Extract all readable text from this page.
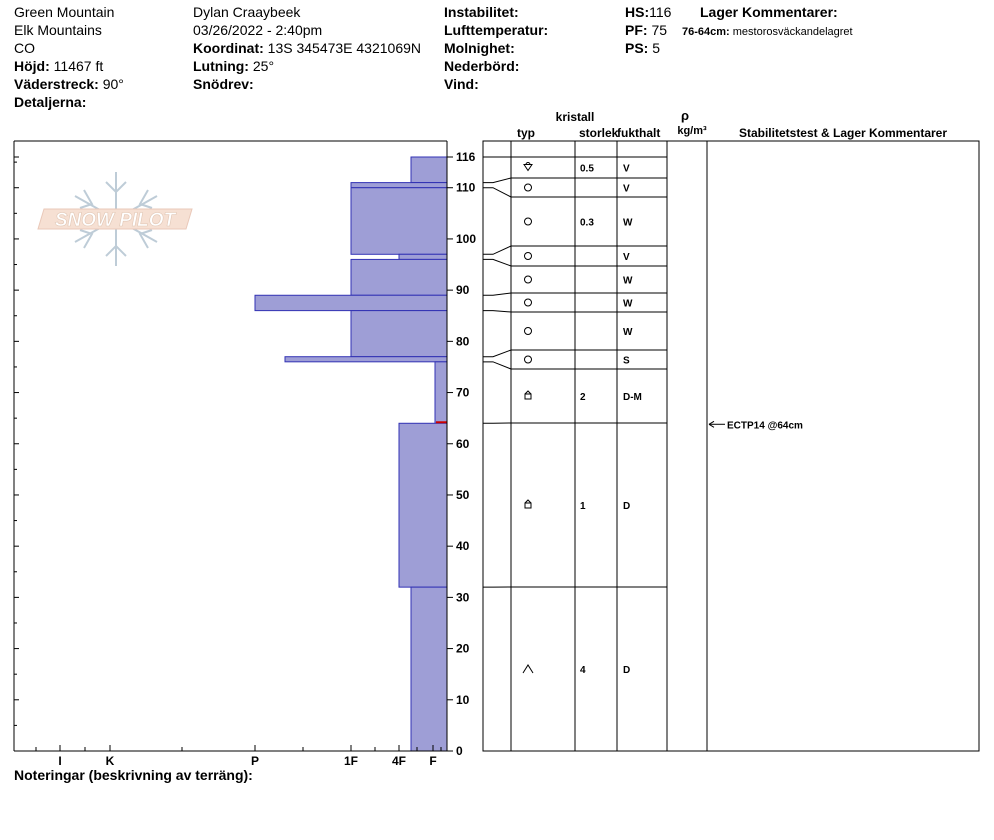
Green Mountain
Elk Mountains
CO
Höjd: 11467 ft
Väderstreck: 90°
Detaljerna:
Dylan Craaybeek
03/26/2022 - 2:40pm
Koordinat: 13S 345473E 4321069N
Lutning: 25°
Snödrev:
Instabilitet:
Lufttemperatur:
Molnighet:
Nederbörd:
Vind:
HS:116
PF: 75
PS: 5
Lager Kommentarer:
76-64cm: mestorosväckandelagret
SNOW PILOT
0
10
20
30
40
50
60
70
80
90
100
110
116
I	K	P	1F	4F F
0.5	V
V
0.3	W
V
W
W
W
S
2	D-M
1	D
4	D
ECTP14 @64cm
kristall
typ	storlek
fukthalt
ρ
kg/m³	Stabilitetstest & Lager Kommentarer
Noteringar (beskrivning av terräng):
